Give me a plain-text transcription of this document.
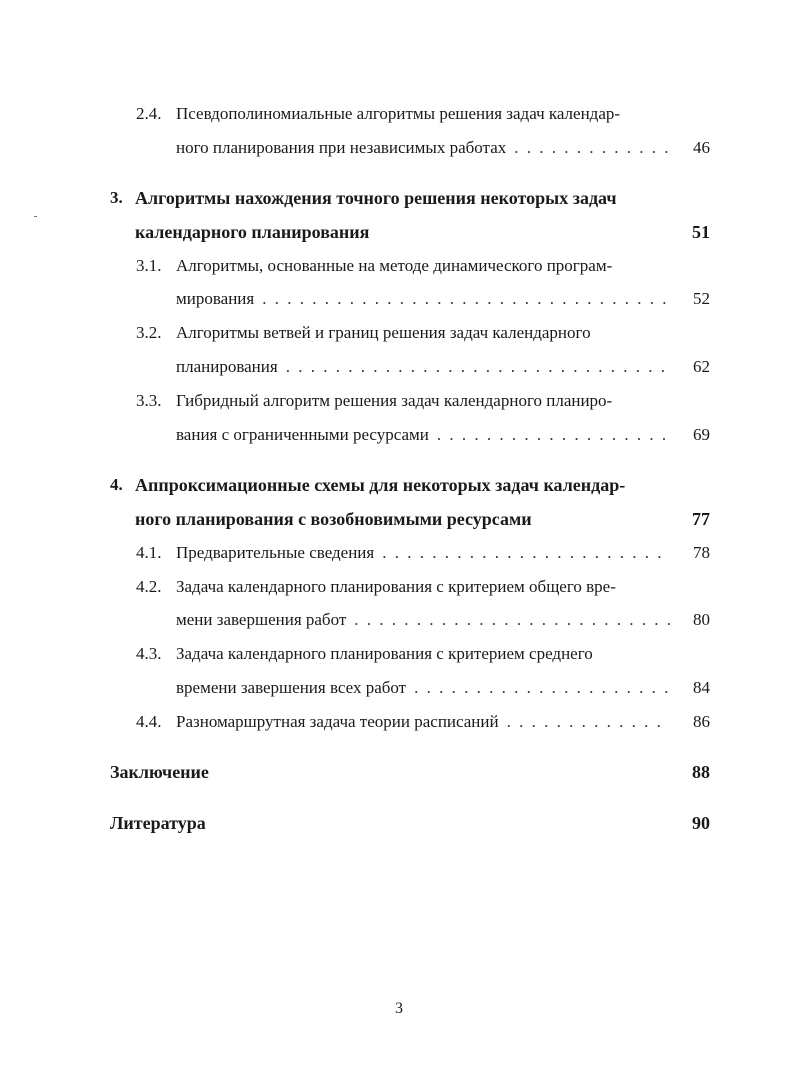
2.4. Псевдополиномиальные алгоритмы решения задач календар-
ного планирования при независимых работах . . .	46
3. Алгоритмы нахождения точного решения некоторых задач
календарного планирования	51
3.1. Алгоритмы, основанные на методе динамического програм-
мирования . . .	52
3.2. Алгоритмы ветвей и границ решения задач календарного
планирования . . .	62
3.3. Гибридный алгоритм решения задач календарного планиро-
вания с ограниченными ресурсами . . .	69
4. Аппроксимационные схемы для некоторых задач календар-
ного планирования с возобновимыми ресурсами	77
4.1. Предварительные сведения . . .	78
4.2. Задача календарного планирования с критерием общего вре-
мени завершения работ . . .	80
4.3. Задача календарного планирования с критерием среднего
времени завершения всех работ . . .	84
4.4. Разномаршрутная задача теории расписаний . . .	86
Заключение	88
Литература	90
3
